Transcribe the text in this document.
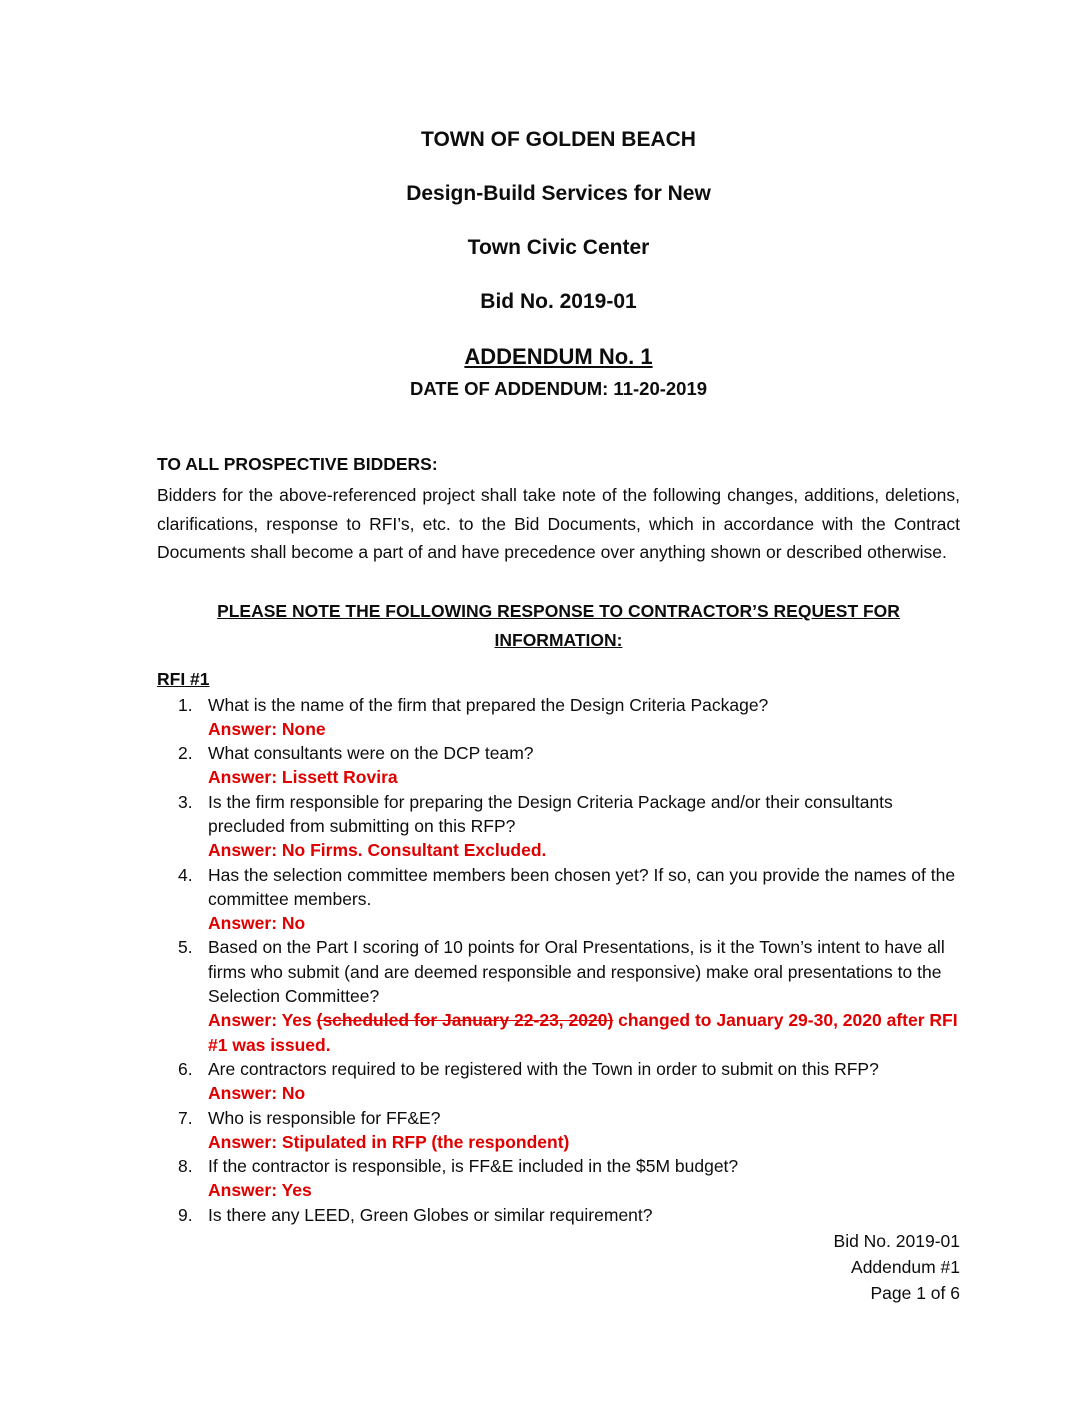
TOWN OF GOLDEN BEACH
Design-Build Services for New
Town Civic Center
Bid No. 2019-01
ADDENDUM No. 1
DATE OF ADDENDUM: 11-20-2019
TO ALL PROSPECTIVE BIDDERS:

Bidders for the above-referenced project shall take note of the following changes, additions, deletions, clarifications, response to RFI’s, etc. to the Bid Documents, which in accordance with the Contract Documents shall become a part of and have precedence over anything shown or described otherwise.

PLEASE NOTE THE FOLLOWING RESPONSE TO CONTRACTOR’S REQUEST FOR INFORMATION:
RFI #1
1. What is the name of the firm that prepared the Design Criteria Package?
Answer: None
2. What consultants were on the DCP team?
Answer: Lissett Rovira
3. Is the firm responsible for preparing the Design Criteria Package and/or their consultants precluded from submitting on this RFP?
Answer: No Firms. Consultant Excluded.
4. Has the selection committee members been chosen yet? If so, can you provide the names of the committee members.
Answer: No
5. Based on the Part I scoring of 10 points for Oral Presentations, is it the Town’s intent to have all firms who submit (and are deemed responsible and responsive) make oral presentations to the Selection Committee?
Answer: Yes (scheduled for January 22-23, 2020) changed to January 29-30, 2020 after RFI #1 was issued.
6. Are contractors required to be registered with the Town in order to submit on this RFP?
Answer: No
7. Who is responsible for FF&E?
Answer: Stipulated in RFP (the respondent)
8. If the contractor is responsible, is FF&E included in the $5M budget?
Answer: Yes
9. Is there any LEED, Green Globes or similar requirement?
Bid No. 2019-01
Addendum #1
Page 1 of 6
